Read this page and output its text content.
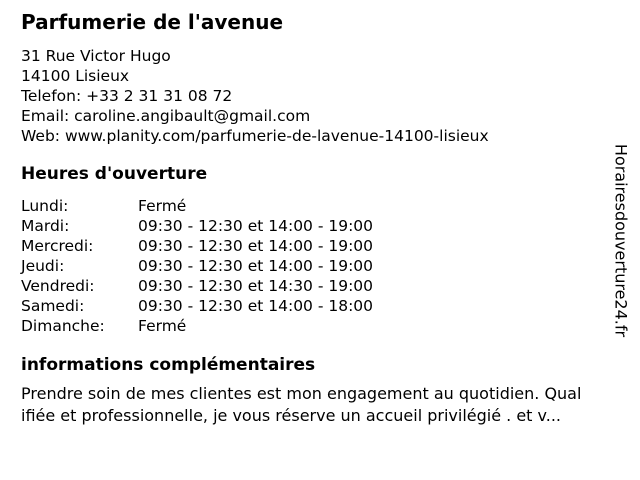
Parfumerie de l'avenue
31 Rue Victor Hugo
14100 Lisieux
Telefon: +33 2 31 31 08 72
Email: caroline.angibault@gmail.com
Web: www.planity.com/parfumerie-de-lavenue-14100-lisieux
Heures d'ouverture
Lundi:	Fermé
Mardi:	09:30 - 12:30 et 14:00 - 19:00
Mercredi:	09:30 - 12:30 et 14:00 - 19:00
Jeudi:	09:30 - 12:30 et 14:00 - 19:00
Vendredi:	09:30 - 12:30 et 14:30 - 19:00
Samedi:	09:30 - 12:30 et 14:00 - 18:00
Dimanche:	Fermé
informations complémentaires
Prendre soin de mes clientes est mon engagement au quotidien. Qual
ifiée et professionnelle, je vous réserve un accueil privilégié . et v...
Horairesdouverture24.fr
